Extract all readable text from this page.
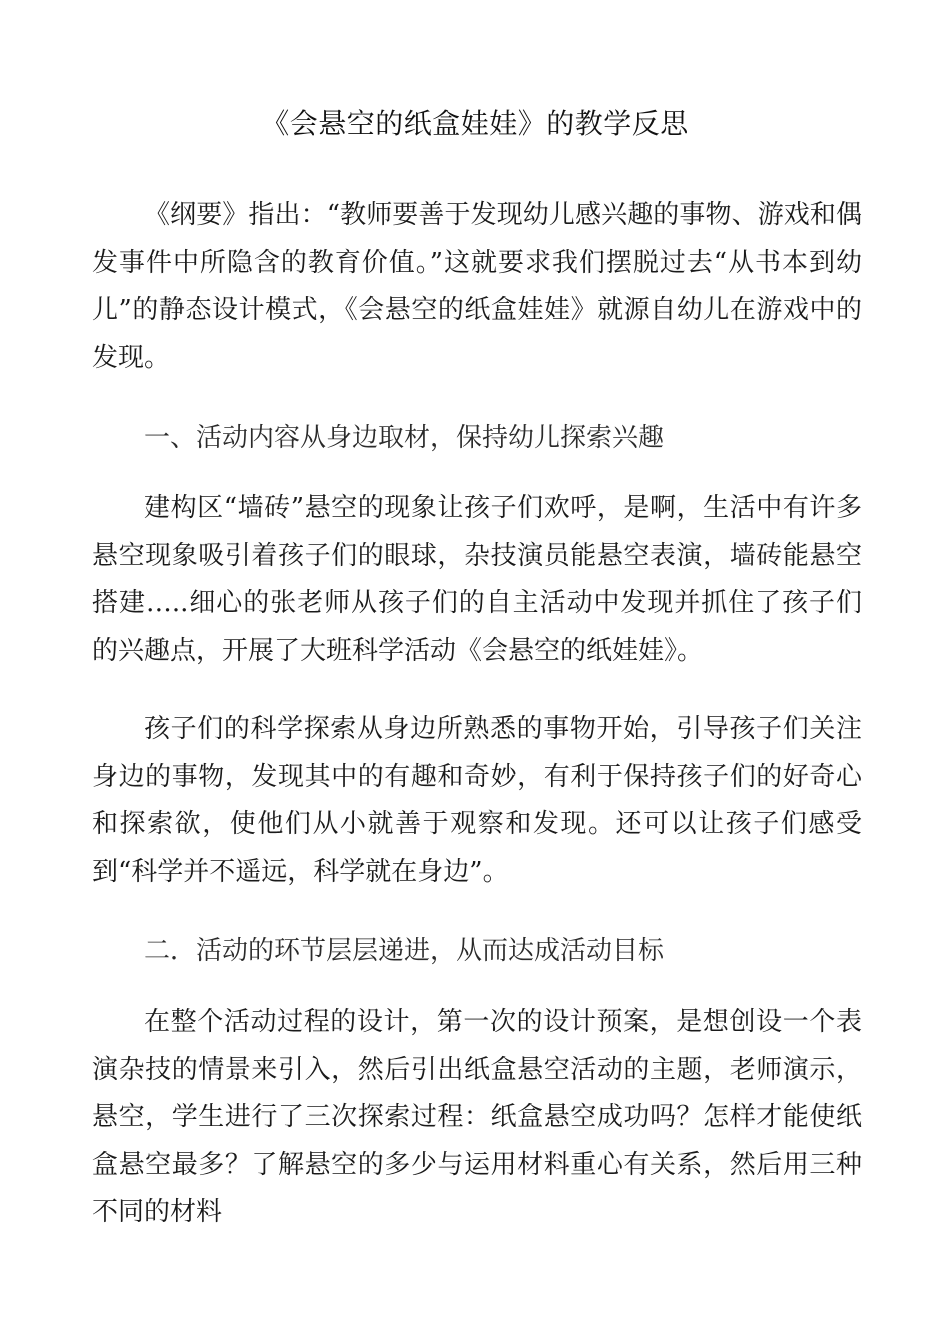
《会悬空的纸盒娃娃》的教学反思

《纲要》指出：“教师要善于发现幼儿感兴趣的事物、游戏和偶发事件中所隐含的教育价值。”这就要求我们摆脱过去“从书本到幼儿”的静态设计模式，《会悬空的纸盒娃娃》就源自幼儿在游戏中的发现。

一、活动内容从身边取材，保持幼儿探索兴趣

建构区“墙砖”悬空的现象让孩子们欢呼，是啊，生活中有许多悬空现象吸引着孩子们的眼球，杂技演员能悬空表演，墙砖能悬空搭建…..细心的张老师从孩子们的自主活动中发现并抓住了孩子们的兴趣点，开展了大班科学活动《会悬空的纸娃娃》。

孩子们的科学探索从身边所熟悉的事物开始，引导孩子们关注身边的事物，发现其中的有趣和奇妙，有利于保持孩子们的好奇心和探索欲，使他们从小就善于观察和发现。还可以让孩子们感受到“科学并不遥远，科学就在身边”。

二．活动的环节层层递进，从而达成活动目标

在整个活动过程的设计，第一次的设计预案，是想创设一个表演杂技的情景来引入，然后引出纸盒悬空活动的主题，老师演示，悬空，学生进行了三次探索过程：纸盒悬空成功吗？怎样才能使纸盒悬空最多？了解悬空的多少与运用材料重心有关系，然后用三种不同的材料
